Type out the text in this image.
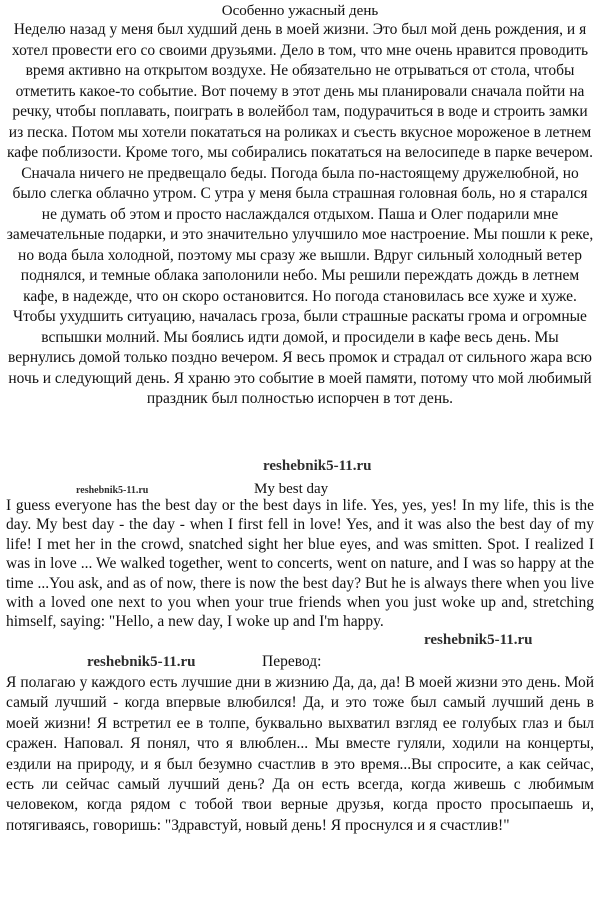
Особенно ужасный день
Неделю назад у меня был худший день в моей жизни. Это был мой день рождения, и я хотел провести его со своими друзьями. Дело в том, что мне очень нравится проводить время активно на открытом воздухе. Не обязательно не отрываться от стола, чтобы отметить какое-то событие. Вот почему в этот день мы планировали сначала пойти на речку, чтобы поплавать, поиграть в волейбол там, подурачиться в воде и строить замки из песка. Потом мы хотели покататься на роликах и съесть вкусное мороженое в летнем кафе поблизости. Кроме того, мы собирались покататься на велосипеде в парке вечером. Сначала ничего не предвещало беды. Погода была по-настоящему дружелюбной, но было слегка облачно утром. С утра у меня была страшная головная боль, но я старался не думать об этом и просто наслаждался отдыхом. Паша и Олег подарили мне замечательные подарки, и это значительно улучшило мое настроение. Мы пошли к реке, но вода была холодной, поэтому мы сразу же вышли. Вдруг сильный холодный ветер поднялся, и темные облака заполонили небо. Мы решили переждать дождь в летнем кафе, в надежде, что он скоро остановится. Но погода становилась все хуже и хуже. Чтобы ухудшить ситуацию, началась гроза, были страшные раскаты грома и огромные вспышки молний. Мы боялись идти домой, и просидели в кафе весь день. Мы вернулись домой только поздно вечером. Я весь промок и страдал от сильного жара всю ночь и следующий день. Я храню это событие в моей памяти, потому что мой любимый праздник был полностью испорчен в тот день.
reshebnik5-11.ru
reshebnik5-11.ru	My best day
I guess everyone has the best day or the best days in life. Yes, yes, yes! In my life, this is the day. My best day - the day - when I first fell in love! Yes, and it was also the best day of my life! I met her in the crowd, snatched sight her blue eyes, and was smitten. Spot. I realized I was in love ... We walked together, went to concerts, went on nature, and I was so happy at the time ...You ask, and as of now, there is now the best day? But he is always there when you live with a loved one next to you when your true friends when you just woke up and, stretching himself, saying: "Hello, a new day, I woke up and I'm happy.
reshebnik5-11.ru
reshebnik5-11.ru	Перевод:
Я полагаю у каждого есть лучшие дни в жизнию Да, да, да! В моей жизни это день. Мой самый лучший - когда впервые влюбился! Да, и это тоже был самый лучший день в моей жизни! Я встретил ее в толпе, буквально выхватил взгляд ее голубых глаз и был сражен. Наповал. Я понял, что я влюблен... Мы вместе гуляли, ходили на концерты, ездили на природу, и я был безумно счастлив в это время...Вы спросите, а как сейчас, есть ли сейчас самый лучший день? Да он есть всегда, когда живешь с любимым человеком, когда рядом с тобой твои верные друзья, когда просто просыпаешь и, потягиваясь, говоришь: "Здравстуй, новый день! Я проснулся и я счастлив!"
